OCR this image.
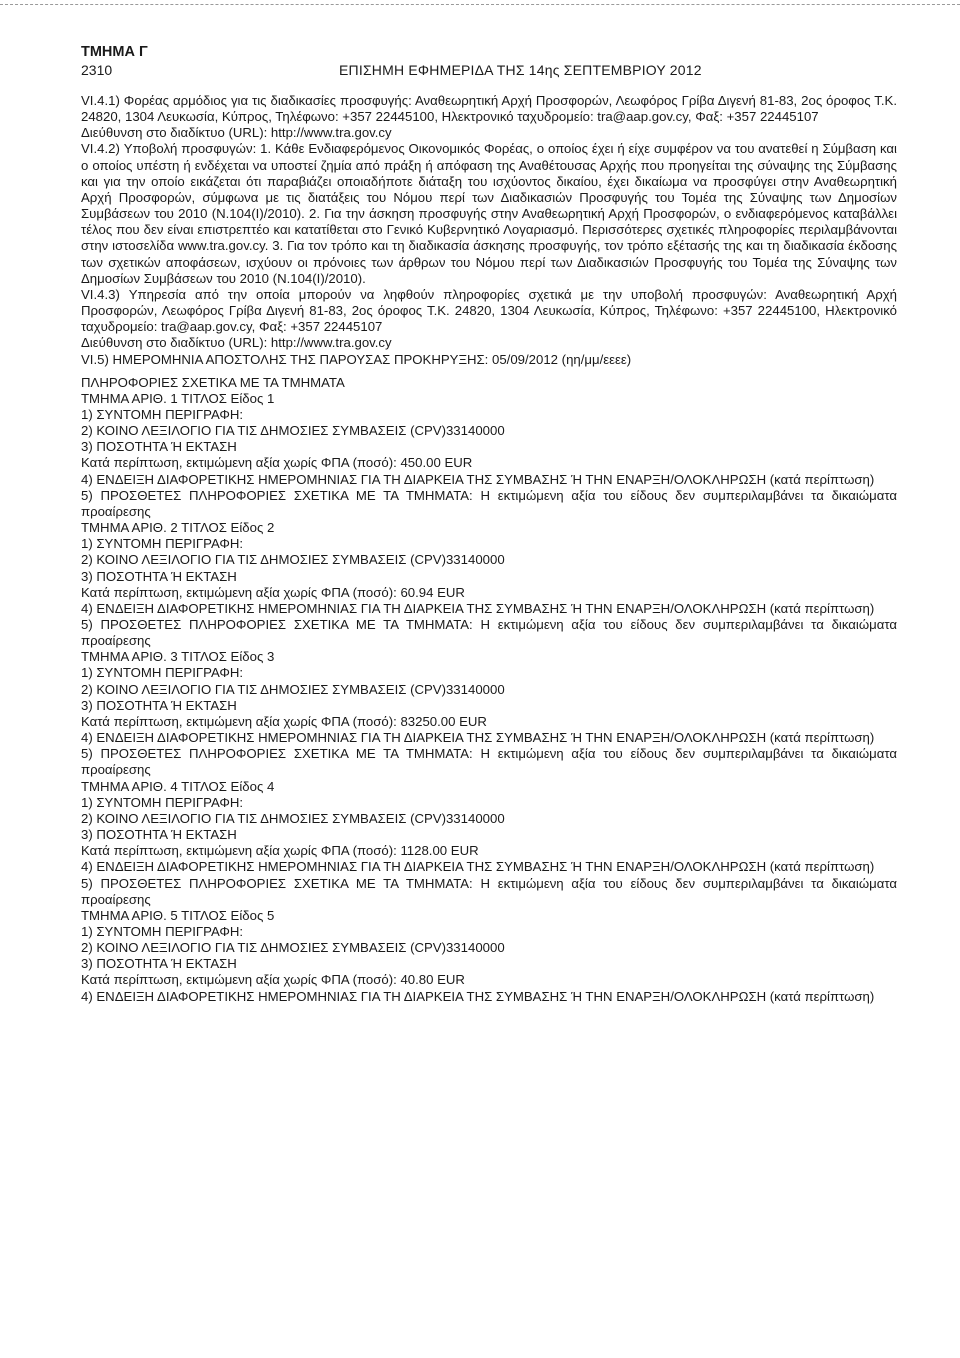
ΤΜΗΜΑ Γ

2310	ΕΠΙΣΗΜΗ ΕΦΗΜΕΡΙΔΑ ΤΗΣ 14ης ΣΕΠΤΕΜΒΡΙΟΥ 2012

VI.4.1) Φορέας αρμόδιος για τις διαδικασίες προσφυγής: Αναθεωρητική Αρχή Προσφορών, Λεωφόρος Γρίβα Διγενή 81-83, 2ος όροφος Τ.Κ. 24820, 1304 Λευκωσία, Κύπρος, Τηλέφωνο: +357 22445100, Ηλεκτρονικό ταχυδρομείο: tra@aap.gov.cy, Φαξ: +357 22445107

Διεύθυνση στο διαδίκτυο (URL): http://www.tra.gov.cy

VI.4.2) Υποβολή προσφυγών: 1. Κάθε Ενδιαφερόμενος Οικονομικός Φορέας, ο οποίος έχει ή είχε συμφέρον να του ανατεθεί η Σύμβαση και ο οποίος υπέστη ή ενδέχεται να υποστεί ζημία από πράξη ή απόφαση της Αναθέτουσας Αρχής που προηγείται της σύναψης της Σύμβασης και για την οποίο εικάζεται ότι παραβιάζει οποιαδήποτε διάταξη του ισχύοντος δικαίου, έχει δικαίωμα να προσφύγει στην Αναθεωρητική Αρχή Προσφορών, σύμφωνα με τις διατάξεις του Νόμου περί των Διαδικασιών Προσφυγής του Τομέα της Σύναψης των Δημοσίων Συμβάσεων του 2010 (N.104(I)/2010). 2. Για την άσκηση προσφυγής στην Αναθεωρητική Αρχή Προσφορών, ο ενδιαφερόμενος καταβάλλει τέλος που δεν είναι επιστρεπτέο και κατατίθεται στο Γενικό Κυβερνητικό Λογαριασμό. Περισσότερες σχετικές πληροφορίες περιλαμβάνονται στην ιστοσελίδα www.tra.gov.cy. 3. Για τον τρόπο και τη διαδικασία άσκησης προσφυγής, τον τρόπο εξέτασής της και τη διαδικασία έκδοσης των σχετικών αποφάσεων, ισχύουν οι πρόνοιες των άρθρων του Νόμου περί των Διαδικασιών Προσφυγής του Τομέα της Σύναψης των Δημοσίων Συμβάσεων του 2010 (N.104(I)/2010).

VI.4.3) Υπηρεσία από την οποία μπορούν να ληφθούν πληροφορίες σχετικά με την υποβολή προσφυγών: Αναθεωρητική Αρχή Προσφορών, Λεωφόρος Γρίβα Διγενή 81-83, 2ος όροφος Τ.Κ. 24820, 1304 Λευκωσία, Κύπρος, Τηλέφωνο: +357 22445100, Ηλεκτρονικό ταχυδρομείο: tra@aap.gov.cy, Φαξ: +357 22445107

Διεύθυνση στο διαδίκτυο (URL): http://www.tra.gov.cy

VI.5) ΗΜΕΡΟΜΗΝΙΑ ΑΠΟΣΤΟΛΗΣ ΤΗΣ ΠΑΡΟΥΣΑΣ ΠΡΟΚΗΡΥΞΗΣ: 05/09/2012 (ηη/μμ/εεεε)

ΠΛΗΡΟΦΟΡΙΕΣ ΣΧΕΤΙΚΑ ΜΕ ΤΑ ΤΜΗΜΑΤΑ

ΤΜΗΜΑ ΑΡΙΘ. 1 ΤΙΤΛΟΣ Είδος 1

1) ΣΥΝΤΟΜΗ ΠΕΡΙΓΡΑΦΗ:

2) ΚΟΙΝΟ ΛΕΞΙΛΟΓΙΟ ΓΙΑ ΤΙΣ ΔΗΜΟΣΙΕΣ ΣΥΜΒΑΣΕΙΣ (CPV)33140000

3) ΠΟΣΟΤΗΤΑ Ή ΕΚΤΑΣΗ

Κατά περίπτωση, εκτιμώμενη αξία χωρίς ΦΠΑ (ποσό): 450.00 EUR

4) ΕΝΔΕΙΞΗ ΔΙΑΦΟΡΕΤΙΚΗΣ ΗΜΕΡΟΜΗΝΙΑΣ ΓΙΑ ΤΗ ΔΙΑΡΚΕΙΑ ΤΗΣ ΣΥΜΒΑΣΗΣ Ή ΤΗΝ ΕΝΑΡΞΗ/ΟΛΟΚΛΗΡΩΣΗ (κατά περίπτωση)

5) ΠΡΟΣΘΕΤΕΣ ΠΛΗΡΟΦΟΡΙΕΣ ΣΧΕΤΙΚΑ ΜΕ ΤΑ ΤΜΗΜΑΤΑ: Η εκτιμώμενη αξία του είδους δεν συμπεριλαμβάνει τα δικαιώματα προαίρεσης

ΤΜΗΜΑ ΑΡΙΘ. 2 ΤΙΤΛΟΣ Είδος 2

1) ΣΥΝΤΟΜΗ ΠΕΡΙΓΡΑΦΗ:

2) ΚΟΙΝΟ ΛΕΞΙΛΟΓΙΟ ΓΙΑ ΤΙΣ ΔΗΜΟΣΙΕΣ ΣΥΜΒΑΣΕΙΣ (CPV)33140000

3) ΠΟΣΟΤΗΤΑ Ή ΕΚΤΑΣΗ

Κατά περίπτωση, εκτιμώμενη αξία χωρίς ΦΠΑ (ποσό): 60.94 EUR

4) ΕΝΔΕΙΞΗ ΔΙΑΦΟΡΕΤΙΚΗΣ ΗΜΕΡΟΜΗΝΙΑΣ ΓΙΑ ΤΗ ΔΙΑΡΚΕΙΑ ΤΗΣ ΣΥΜΒΑΣΗΣ Ή ΤΗΝ ΕΝΑΡΞΗ/ΟΛΟΚΛΗΡΩΣΗ (κατά περίπτωση)

5) ΠΡΟΣΘΕΤΕΣ ΠΛΗΡΟΦΟΡΙΕΣ ΣΧΕΤΙΚΑ ΜΕ ΤΑ ΤΜΗΜΑΤΑ: Η εκτιμώμενη αξία του είδους δεν συμπεριλαμβάνει τα δικαιώματα προαίρεσης

ΤΜΗΜΑ ΑΡΙΘ. 3 ΤΙΤΛΟΣ Είδος 3

1) ΣΥΝΤΟΜΗ ΠΕΡΙΓΡΑΦΗ:

2) ΚΟΙΝΟ ΛΕΞΙΛΟΓΙΟ ΓΙΑ ΤΙΣ ΔΗΜΟΣΙΕΣ ΣΥΜΒΑΣΕΙΣ (CPV)33140000

3) ΠΟΣΟΤΗΤΑ Ή ΕΚΤΑΣΗ

Κατά περίπτωση, εκτιμώμενη αξία χωρίς ΦΠΑ (ποσό): 83250.00 EUR

4) ΕΝΔΕΙΞΗ ΔΙΑΦΟΡΕΤΙΚΗΣ ΗΜΕΡΟΜΗΝΙΑΣ ΓΙΑ ΤΗ ΔΙΑΡΚΕΙΑ ΤΗΣ ΣΥΜΒΑΣΗΣ Ή ΤΗΝ ΕΝΑΡΞΗ/ΟΛΟΚΛΗΡΩΣΗ (κατά περίπτωση)

5) ΠΡΟΣΘΕΤΕΣ ΠΛΗΡΟΦΟΡΙΕΣ ΣΧΕΤΙΚΑ ΜΕ ΤΑ ΤΜΗΜΑΤΑ: Η εκτιμώμενη αξία του είδους δεν συμπεριλαμβάνει τα δικαιώματα προαίρεσης

ΤΜΗΜΑ ΑΡΙΘ. 4 ΤΙΤΛΟΣ Είδος 4

1) ΣΥΝΤΟΜΗ ΠΕΡΙΓΡΑΦΗ:

2) ΚΟΙΝΟ ΛΕΞΙΛΟΓΙΟ ΓΙΑ ΤΙΣ ΔΗΜΟΣΙΕΣ ΣΥΜΒΑΣΕΙΣ (CPV)33140000

3) ΠΟΣΟΤΗΤΑ Ή ΕΚΤΑΣΗ

Κατά περίπτωση, εκτιμώμενη αξία χωρίς ΦΠΑ (ποσό): 1128.00 EUR

4) ΕΝΔΕΙΞΗ ΔΙΑΦΟΡΕΤΙΚΗΣ ΗΜΕΡΟΜΗΝΙΑΣ ΓΙΑ ΤΗ ΔΙΑΡΚΕΙΑ ΤΗΣ ΣΥΜΒΑΣΗΣ Ή ΤΗΝ ΕΝΑΡΞΗ/ΟΛΟΚΛΗΡΩΣΗ (κατά περίπτωση)

5) ΠΡΟΣΘΕΤΕΣ ΠΛΗΡΟΦΟΡΙΕΣ ΣΧΕΤΙΚΑ ΜΕ ΤΑ ΤΜΗΜΑΤΑ: Η εκτιμώμενη αξία του είδους δεν συμπεριλαμβάνει τα δικαιώματα προαίρεσης

ΤΜΗΜΑ ΑΡΙΘ. 5 ΤΙΤΛΟΣ Είδος 5

1) ΣΥΝΤΟΜΗ ΠΕΡΙΓΡΑΦΗ:

2) ΚΟΙΝΟ ΛΕΞΙΛΟΓΙΟ ΓΙΑ ΤΙΣ ΔΗΜΟΣΙΕΣ ΣΥΜΒΑΣΕΙΣ (CPV)33140000

3) ΠΟΣΟΤΗΤΑ Ή ΕΚΤΑΣΗ

Κατά περίπτωση, εκτιμώμενη αξία χωρίς ΦΠΑ (ποσό): 40.80 EUR

4) ΕΝΔΕΙΞΗ ΔΙΑΦΟΡΕΤΙΚΗΣ ΗΜΕΡΟΜΗΝΙΑΣ ΓΙΑ ΤΗ ΔΙΑΡΚΕΙΑ ΤΗΣ ΣΥΜΒΑΣΗΣ Ή ΤΗΝ ΕΝΑΡΞΗ/ΟΛΟΚΛΗΡΩΣΗ (κατά περίπτωση)
